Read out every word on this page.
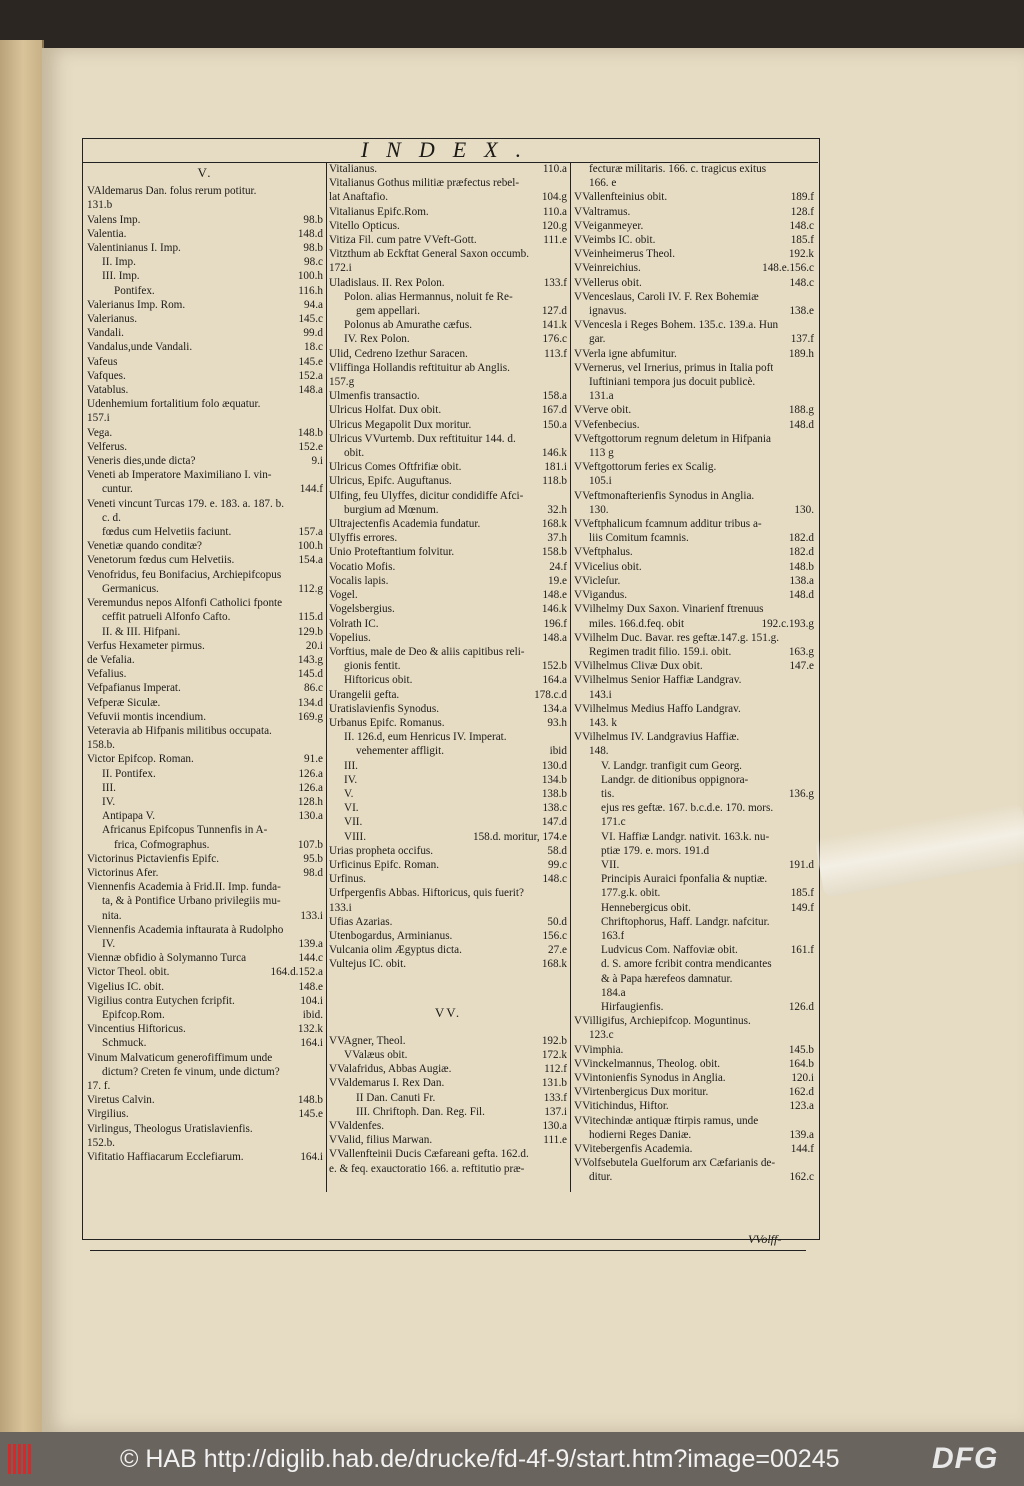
INDEX.
V.
VAldemarus Dan. folus rerum potitur.
131.b
Valens Imp.	98.b
Valentia.	148.d
Valentinianus I. Imp.	98.b
II. Imp.	98.c
III. Imp.	100.h
Pontifex.	116.h
Valerianus Imp. Rom.	94.a
Valerianus.	145.c
Vandali.	99.d
Vandalus,unde Vandali.	18.c
Vafeus	145.e
Vafques.	152.a
Vatablus.	148.a
Udenhemium fortalitium folo æquatur.
157.i
Vega.	148.b
Velferus.	152.e
Veneris dies,unde dicta?	9.i
Veneti ab Imperatore Maximiliano I. vin-
cuntur.	144.f
Veneti vincunt Turcas 179. e. 183. a. 187. b.
c. d.
fœdus cum Helvetiis faciunt.	157.a
Venetiæ quando conditæ?	100.h
Venetorum fœdus cum Helvetiis.	154.a
Venofridus, feu Bonifacius, Archiepifcopus
Germanicus.	112.g
Veremundus nepos Alfonfi Catholici fponte
ceffit patrueli Alfonfo Cafto.	115.d
II. & III. Hifpani.	129.b
Verfus Hexameter pirmus.	20.i
de Vefalia.	143.g
Vefalius.	145.d
Vefpafianus Imperat.	86.c
Vefperæ Siculæ.	134.d
Vefuvii montis incendium.	169.g
Veteravia ab Hifpanis militibus occupata.
158.b.
Victor Epifcop. Roman.	91.e
II. Pontifex.	126.a
III.	126.a
IV.	128.h
Antipapa V.	130.a
Africanus Epifcopus Tunnenfis in A-
frica, Cofmographus.	107.b
Victorinus Pictavienfis Epifc.	95.b
Victorinus Afer.	98.d
Viennenfis Academia à Frid.II. Imp. funda-
ta, & à Pontifice Urbano privilegiis mu-
nita.	133.i
Viennenfis Academia inftaurata à Rudolpho
IV.	139.a
Viennæ obfidio à Solymanno Turca	144.c
Victor Theol. obit.	164.d.152.a
Vigelius IC. obit.	148.e
Vigilius contra Eutychen fcripfit.	104.i
Epifcop.Rom.	ibid.
Vincentius Hiftoricus.	132.k
Schmuck.	164.i
Vinum Malvaticum generofiffimum unde
dictum? Creten fe vinum, unde dictum?
17. f.
Viretus Calvin.	148.b
Virgilius.	145.e
Virlingus, Theologus Uratislavienfis.
152.b.
Vifitatio Haffiacarum Ecclefiarum.	164.i
Vitalianus.	110.a
Vitalianus Gothus militiæ præfectus rebel-
lat Anaftafio.	104.g
Vitalianus Epifc.Rom.	110.a
Vitello Opticus.	120.g
Vitiza Fil. cum patre VVeft-Gott.	111.e
Vitzthum ab Eckftat General Saxon occumb.
172.i
Uladislaus. II. Rex Polon.	133.f
Polon. alias Hermannus, noluit fe Re-
gem appellari.	127.d
Polonus ab Amurathe cæfus.	141.k
IV. Rex Polon.	176.c
Ulid, Cedreno Izethur Saracen.	113.f
Vliffinga Hollandis reftituitur ab Anglis.
157.g
Ulmenfis transactio.	158.a
Ulricus Holfat. Dux obit.	167.d
Ulricus Megapolit Dux moritur.	150.a
Ulricus VVurtemb. Dux reftituitur 144. d.
obit.	146.k
Ulricus Comes Oftfrifiæ obit.	181.i
Ulricus, Epifc. Auguftanus.	118.b
Ulfing, feu Ulyffes, dicitur condidiffe Afci-
burgium ad Mœnum.	32.h
Ultrajectenfis Academia fundatur.	168.k
Ulyffis errores.	37.h
Unio Proteftantium folvitur.	158.b
Vocatio Mofis.	24.f
Vocalis lapis.	19.e
Vogel.	148.e
Vogelsbergius.	146.k
Volrath IC.	196.f
Vopelius.	148.a
Vorftius, male de Deo & aliis capitibus reli-
gionis fentit.	152.b
Hiftoricus obit.	164.a
Urangelii gefta.	178.c.d
Uratislavienfis Synodus.	134.a
Urbanus Epifc. Romanus.	93.h
II. 126.d, eum Henricus IV. Imperat.
vehementer affligit.	ibid
III.	130.d
IV.	134.b
V.	138.b
VI.	138.c
VII.	147.d
VIII.	158.d. moritur, 174.e
Urias propheta occifus.	58.d
Urficinus Epifc. Roman.	99.c
Urfinus.	148.c
Urfpergenfis Abbas. Hiftoricus, quis fuerit?
133.i
Ufias Azarias.	50.d
Utenbogardus, Arminianus.	156.c
Vulcania olim Ægyptus dicta.	27.e
Vultejus IC. obit.	168.k
VV.
VVAgner, Theol.	192.b
VValæus obit.	172.k
VValafridus, Abbas Augiæ.	112.f
VValdemarus I. Rex Dan.	131.b
II Dan. Canuti Fr.	133.f
III. Chriftoph. Dan. Reg. Fil.	137.i
VValdenfes.	130.a
VValid, filius Marwan.	111.e
VVallenfteinii Ducis Cæfareani gefta. 162.d.
e. & feq. exauctoratio 166. a. reftitutio præ-
fecturæ militaris. 166. c. tragicus exitus
166. e
VVallenfteinius obit.	189.f
VValtramus.	128.f
VVeiganmeyer.	148.c
VVeimbs IC. obit.	185.f
VVeinheimerus Theol.	192.k
VVeinreichius.	148.e.156.c
VVellerus obit.	148.c
VVenceslaus, Caroli IV. F. Rex Bohemiæ
ignavus.	138.e
VVencesla i Reges Bohem. 135.c. 139.a. Hun
gar.	137.f
VVerla igne abfumitur.	189.h
VVernerus, vel Irnerius, primus in Italia poft
Iuftiniani tempora jus docuit publicè.
131.a
VVerve obit.	188.g
VVefenbecius.	148.d
VVeftgottorum regnum deletum in Hifpania
113 g
VVeftgottorum feries ex Scalig.
105.i
VVeftmonafterienfis Synodus in Anglia.
130.	130.
VVeftphalicum fcamnum additur tribus a-
liis Comitum fcamnis.	182.d
VVeftphalus.	182.d
VVicelius obit.	148.b
VVicleſur.	138.a
VVigandus.	148.d
VVilhelmy Dux Saxon. Vinarienf ftrenuus
miles. 166.d.feq. obit	192.c.193.g
VVilhelm Duc. Bavar. res geftæ.147.g. 151.g.
Regimen tradit filio. 159.i. obit.	163.g
VVilhelmus Clivæ Dux obit.	147.e
VVilhelmus Senior Haffiæ Landgrav.
143.i
VVilhelmus Medius Haffo Landgrav.
143. k
VVilhelmus IV. Landgravius Haffiæ.
148.
V. Landgr. tranfigit cum Georg.
Landgr. de ditionibus oppignora-
tis.	136.g
ejus res geftæ. 167. b.c.d.e. 170. mors.
171.c
VI. Haffiæ Landgr. nativit. 163.k. nu-
ptiæ 179. e. mors. 191.d
VII.	191.d
Principis Auraici fponfalia & nuptiæ.
177.g.k. obit.	185.f
Hennebergicus obit.	149.f
Chriftophorus, Haff. Landgr. nafcitur.
163.f
Ludvicus Com. Naffoviæ obit.	161.f
d. S. amore fcribit contra mendicantes
& à Papa hærefeos damnatur.
184.a
Hirfaugienfis.	126.d
VVilligifus, Archiepifcop. Moguntinus.
123.c
VVimphia.	145.b
VVinckelmannus, Theolog. obit.	164.b
VVintonienfis Synodus in Anglia.	120.i
VVirtenbergicus Dux moritur.	162.d
VVitichindus, Hiftor.	123.a
VVitechindæ antiquæ ftirpis ramus, unde
hodierni Reges Daniæ.	139.a
VVitebergenfis Academia.	144.f
VVolfsebutela Guelforum arx Cæfarianis de-
ditur.	162.c
VVolff-
© HAB http://diglib.hab.de/drucke/fd-4f-9/start.htm?image=00245	DFG
